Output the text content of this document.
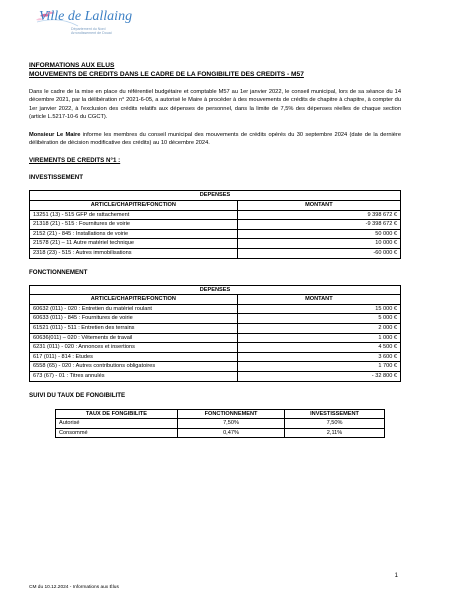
Ville de Lallaing
Département du Nord
Arrondissement de Douai
INFORMATIONS AUX ELUS
MOUVEMENTS DE CREDITS DANS LE CADRE DE LA FONGIBILITE DES CREDITS - M57
Dans le cadre de la mise en place du référentiel budgétaire et comptable M57 au 1er janvier 2022, le conseil municipal, lors de sa séance du 14 décembre 2021, par la délibération n° 2021-6-05, a autorisé le Maire à procéder à des mouvements de crédits de chapitre à chapitre, à compter du 1er janvier 2022, à l'exclusion des crédits relatifs aux dépenses de personnel, dans la limite de 7,5% des dépenses réelles de chaque section (article L.5217-10-6 du CGCT).
Monsieur Le Maire informe les membres du conseil municipal des mouvements de crédits opérés du 30 septembre 2024 (date de la dernière délibération de décision modificative des crédits) au 10 décembre 2024.
VIREMENTS DE CREDITS N°1 :
INVESTISSEMENT
DEPENSES	
ARTICLE/CHAPITRE/FONCTION	MONTANT
13251 (13) - 515 GFP de rattachement	9 398 672 €
21318 (21) - 515 : Fournitures de voirie	-9 398 672 €
2152 (21) - 845 : Installations de voirie	50 000 €
21578 (21) – 11 Autre matériel technique	10 000 €
2318 (23) - 515 : Autres immobilisations	-60 000 €
FONCTIONNEMENT
DEPENSES	
ARTICLE/CHAPITRE/FONCTION	MONTANT
60632 (011) - 020 : Entretien du matériel roulant	15 000 €
60633 (011) - 845 : Fournitures de voirie	5 000 €
61521 (011) - 511 : Entretien des terrains	2 000 €
60636(011) – 020 : Vêtements de travail	1 000 €
6231 (011) - 020 : Annonces et insertions	4 500 €
617 (011) - 814 : Etudes	3 600 €
6558 (65) - 020 : Autres contributions obligatoires	1 700 €
673 (67) - 01 : Titres annulés	- 32 800 €
SUIVI DU TAUX DE FONGIBILITE
TAUX DE FONGIBILITE	FONCTIONNEMENT	INVESTISSEMENT
Autorisé	7,50%	7,50%
Consommé	0,47%	2,11%
1
CM du 10.12.2024 - Informations aux Élus
